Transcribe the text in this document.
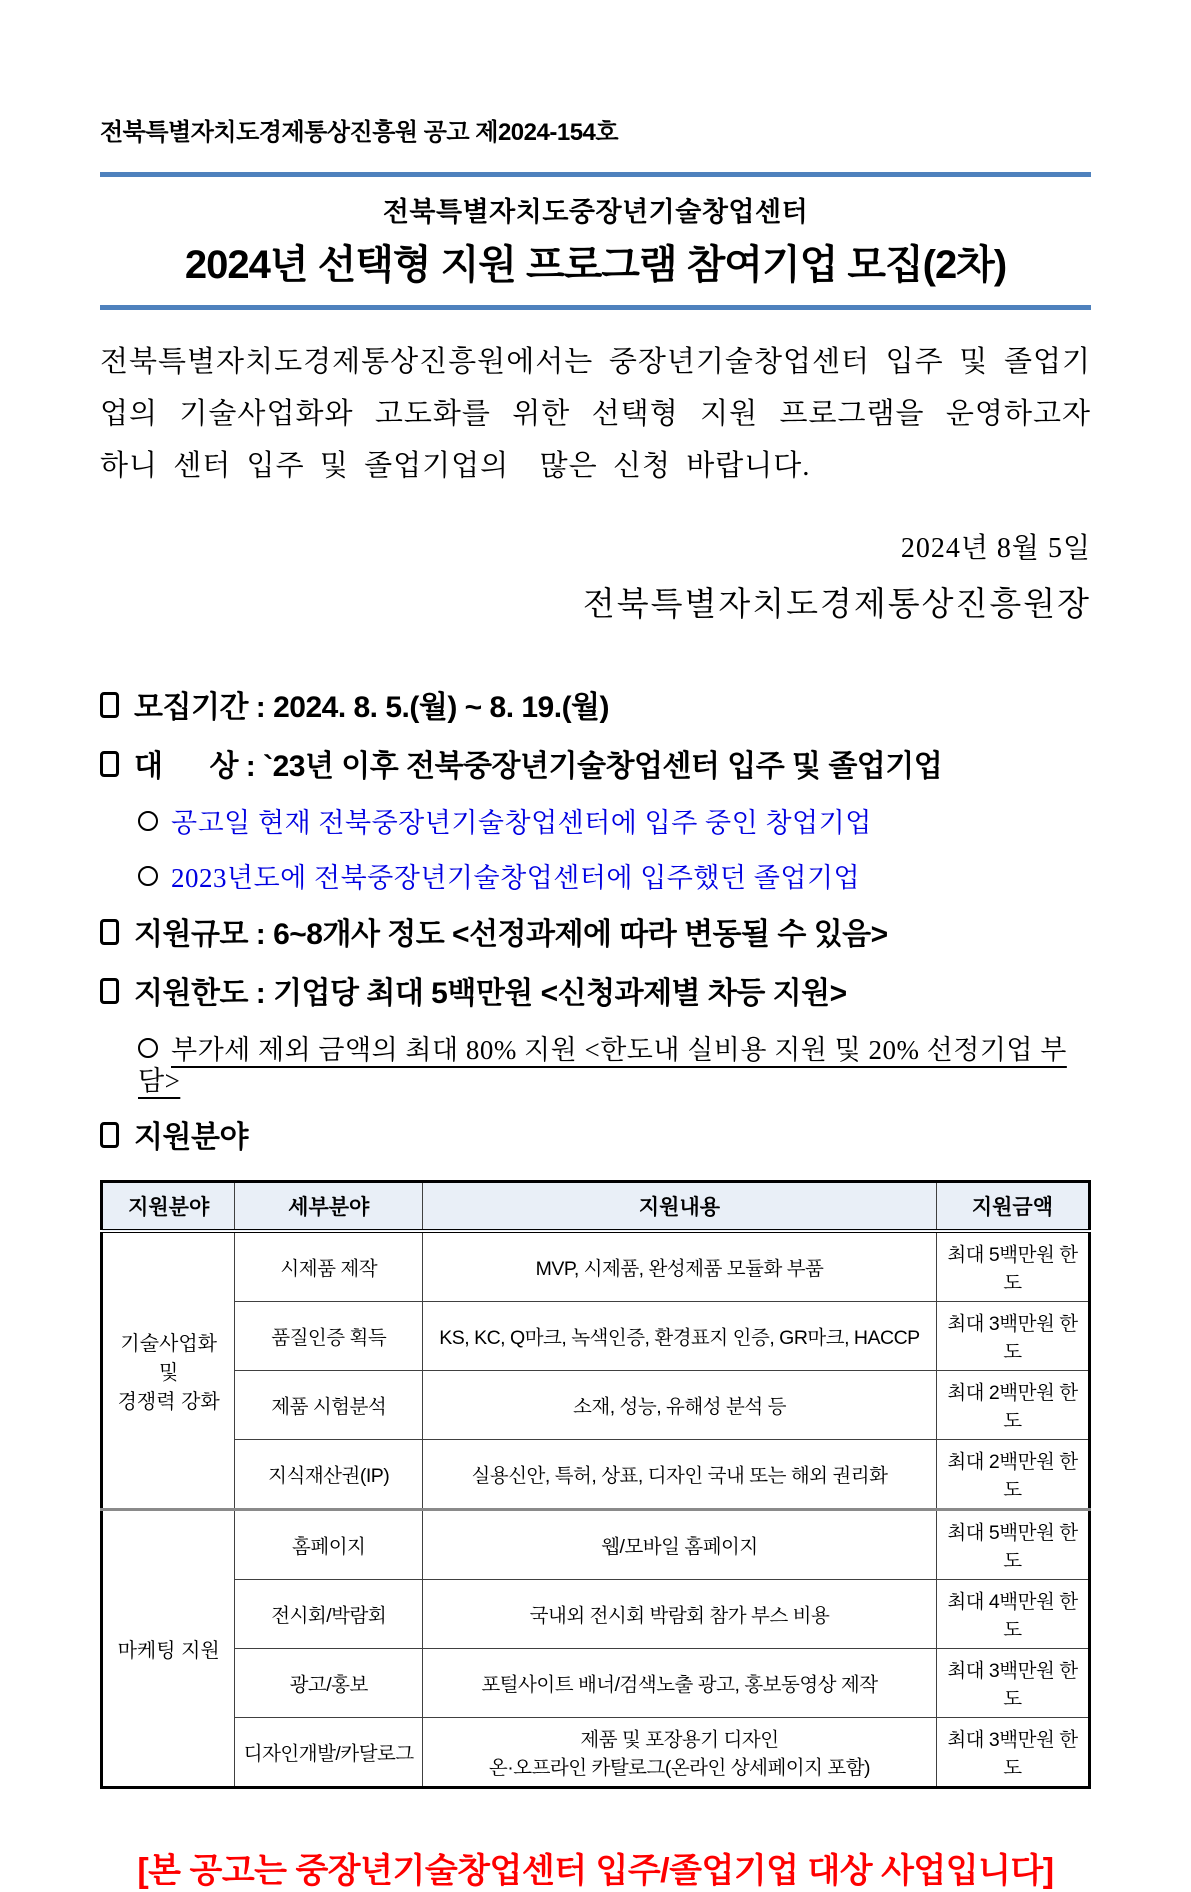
전북특별자치도경제통상진흥원 공고 제2024-154호

전북특별자치도중장년기술창업센터

2024년 선택형 지원 프로그램 참여기업 모집(2차)

전북특별자치도경제통상진흥원에서는 중장년기술창업센터 입주 및 졸업기업의 기술사업화와 고도화를 위한 선택형 지원 프로그램을 운영하고자 하니 센터 입주 및 졸업기업의  많은 신청 바랍니다.

2024년 8월 5일

전북특별자치도경제통상진흥원장

모집기간 : 2024. 8. 5.(월) ~ 8. 19.(월)
대      상 : `23년 이후 전북중장년기술창업센터 입주 및 졸업기업
공고일 현재 전북중장년기술창업센터에 입주 중인 창업기업
2023년도에 전북중장년기술창업센터에 입주했던 졸업기업
지원규모 : 6~8개사 정도 <선정과제에 따라 변동될 수 있음>
지원한도 : 기업당 최대 5백만원 <신청과제별 차등 지원>
부가세 제외 금액의 최대 80% 지원 <한도내 실비용 지원 및 20% 선정기업 부담>
지원분야
지원분야	세부분야	지원내용	지원금액
기술사업화
및
경쟁력 강화	시제품 제작	MVP, 시제품, 완성제품 모듈화 부품	최대 5백만원 한도
	품질인증 획득	KS, KC, Q마크, 녹색인증, 환경표지 인증, GR마크, HACCP	최대 3백만원 한도
	제품 시험분석	소재, 성능, 유해성 분석 등	최대 2백만원 한도
	지식재산권(IP)	실용신안, 특허, 상표, 디자인 국내 또는 해외 권리화	최대 2백만원 한도
마케팅 지원	홈페이지	웹/모바일 홈페이지	최대 5백만원 한도
	전시회/박람회	국내외 전시회 박람회 참가 부스 비용	최대 4백만원 한도
	광고/홍보	포털사이트 배너/검색노출 광고, 홍보동영상 제작	최대 3백만원 한도
	디자인개발/카달로그	제품 및 포장용기 디자인
온·오프라인 카탈로그(온라인 상세페이지 포함)	최대 3백만원 한도

[본 공고는 중장년기술창업센터 입주/졸업기업 대상 사업입니다]
